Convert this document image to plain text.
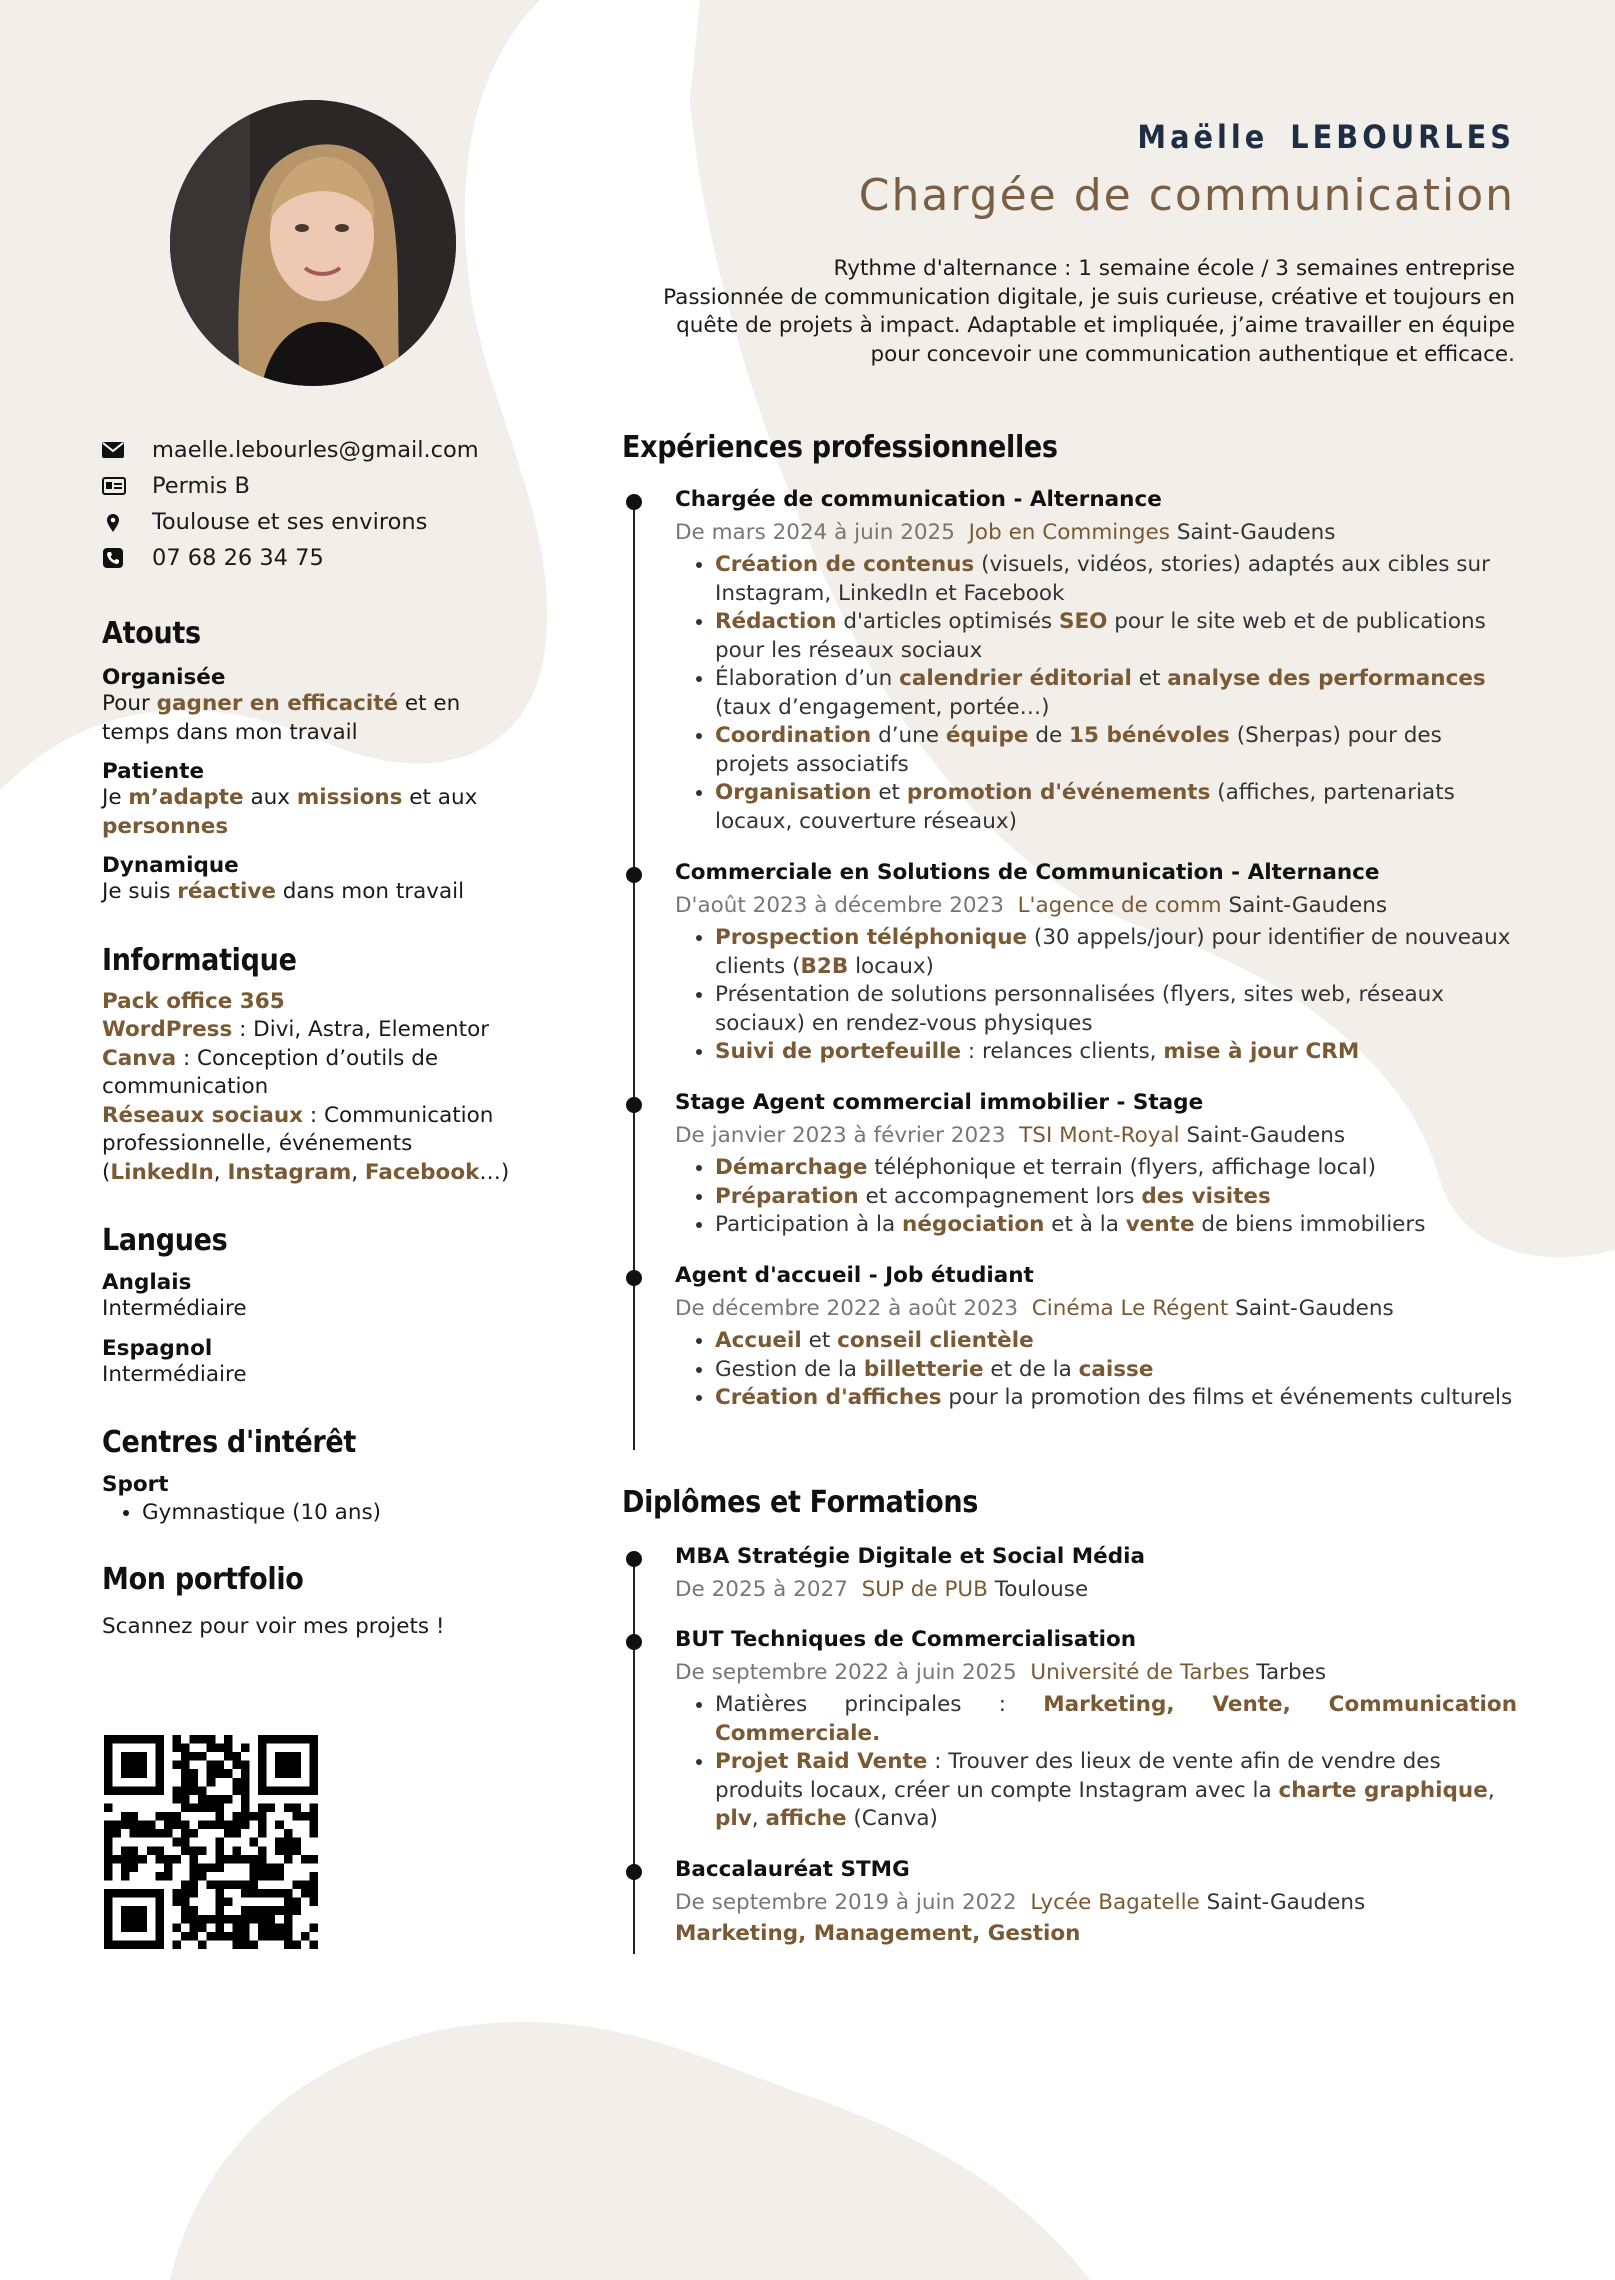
Maëlle LEBOURLES
Chargée de communication
Rythme d'alternance : 1 semaine école / 3 semaines entreprise
Passionnée de communication digitale, je suis curieuse, créative et toujours en
quête de projets à impact. Adaptable et impliquée, j’aime travailler en équipe
pour concevoir une communication authentique et efficace.
maelle.lebourles@gmail.com
Permis B
Toulouse et ses environs
07 68 26 34 75
Atouts
Organisée
Pour gagner en efficacité et en temps dans mon travail
Patiente
Je m’adapte aux missions et aux
personnes
Dynamique
Je suis réactive dans mon travail
Informatique
Pack office 365
WordPress : Divi, Astra, Elementor
Canva : Conception d’outils de communication
Réseaux sociaux : Communication professionnelle, événements (LinkedIn, Instagram, Facebook…)
Langues
Anglais
Intermédiaire
Espagnol
Intermédiaire
Centres d'intérêt
Sport
• Gymnastique (10 ans)
Mon portfolio
Scannez pour voir mes projets !
Expériences professionnelles
Chargée de communication - Alternance
De mars 2024 à juin 2025 Job en Comminges Saint-Gaudens
• Création de contenus (visuels, vidéos, stories) adaptés aux cibles sur Instagram, LinkedIn et Facebook
• Rédaction d'articles optimisés SEO pour le site web et de publications pour les réseaux sociaux
• Élaboration d’un calendrier éditorial et analyse des performances (taux d’engagement, portée…)
• Coordination d’une équipe de 15 bénévoles (Sherpas) pour des projets associatifs
• Organisation et promotion d'événements (affiches, partenariats locaux, couverture réseaux)
Commerciale en Solutions de Communication - Alternance
D'août 2023 à décembre 2023 L'agence de comm Saint-Gaudens
• Prospection téléphonique (30 appels/jour) pour identifier de nouveaux clients (B2B locaux)
• Présentation de solutions personnalisées (flyers, sites web, réseaux sociaux) en rendez-vous physiques
• Suivi de portefeuille : relances clients, mise à jour CRM
Stage Agent commercial immobilier - Stage
De janvier 2023 à février 2023 TSI Mont-Royal Saint-Gaudens
• Démarchage téléphonique et terrain (flyers, affichage local)
• Préparation et accompagnement lors des visites
• Participation à la négociation et à la vente de biens immobiliers
Agent d'accueil - Job étudiant
De décembre 2022 à août 2023 Cinéma Le Régent Saint-Gaudens
• Accueil et conseil clientèle
• Gestion de la billetterie et de la caisse
• Création d'affiches pour la promotion des films et événements culturels
Diplômes et Formations
MBA Stratégie Digitale et Social Média
De 2025 à 2027 SUP de PUB Toulouse
BUT Techniques de Commercialisation
De septembre 2022 à juin 2025 Université de Tarbes Tarbes
• Matières principales : Marketing, Vente, Communication Commerciale.
• Projet Raid Vente : Trouver des lieux de vente afin de vendre des produits locaux, créer un compte Instagram avec la charte graphique, plv, affiche (Canva)
Baccalauréat STMG
De septembre 2019 à juin 2022 Lycée Bagatelle Saint-Gaudens
Marketing, Management, Gestion
